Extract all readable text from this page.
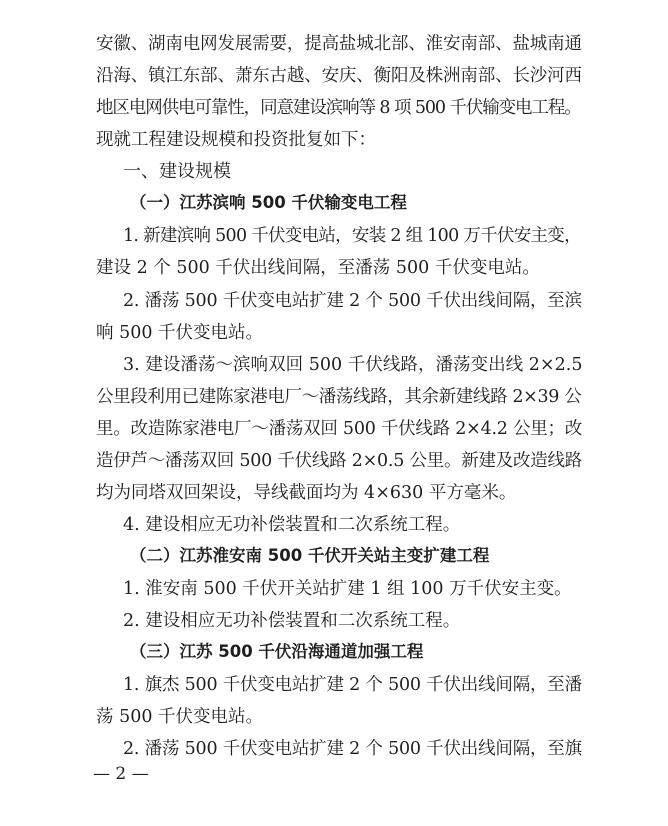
安徽、湖南电网发展需要，提高盐城北部、淮安南部、盐城南通
沿海、镇江东部、萧东古越、安庆、衡阳及株洲南部、长沙河西
地区电网供电可靠性，同意建设滨响等 8 项 500 千伏输变电工程。
现就工程建设规模和投资批复如下：
一、建设规模
（一）江苏滨响 500 千伏输变电工程
1. 新建滨响 500 千伏变电站，安装 2 组 100 万千伏安主变，
建设 2 个 500 千伏出线间隔，至潘荡 500 千伏变电站。
2. 潘荡 500 千伏变电站扩建 2 个 500 千伏出线间隔，至滨
响 500 千伏变电站。
3. 建设潘荡～滨响双回 500 千伏线路，潘荡变出线 2×2.5
公里段利用已建陈家港电厂～潘荡线路，其余新建线路 2×39 公
里。改造陈家港电厂～潘荡双回 500 千伏线路 2×4.2 公里；改
造伊芦～潘荡双回 500 千伏线路 2×0.5 公里。新建及改造线路
均为同塔双回架设，导线截面均为 4×630 平方毫米。
4. 建设相应无功补偿装置和二次系统工程。
（二）江苏淮安南 500 千伏开关站主变扩建工程
1. 淮安南 500 千伏开关站扩建 1 组 100 万千伏安主变。
2. 建设相应无功补偿装置和二次系统工程。
（三）江苏 500 千伏沿海通道加强工程
1. 旗杰 500 千伏变电站扩建 2 个 500 千伏出线间隔，至潘
荡 500 千伏变电站。
2. 潘荡 500 千伏变电站扩建 2 个 500 千伏出线间隔，至旗
— 2 —
